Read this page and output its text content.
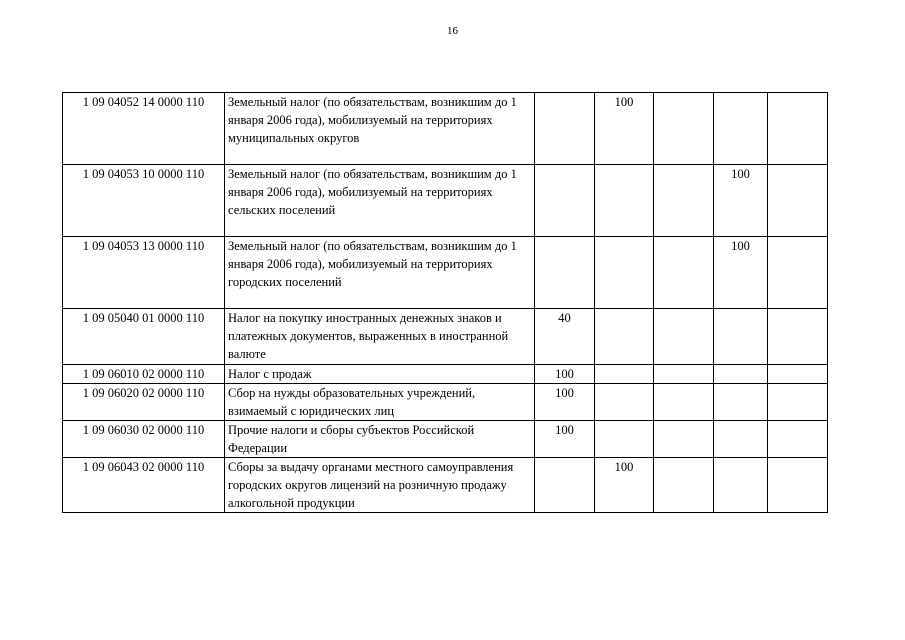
16
1 09 04052 14 0000 110	Земельный налог (по обязательствам, возникшим до 1 января 2006 года), мобилизуемый на территориях муниципальных округов		100			
1 09 04053 10 0000 110	Земельный налог (по обязательствам, возникшим до 1 января 2006 года), мобилизуемый на территориях сельских поселений				100	
1 09 04053 13 0000 110	Земельный налог (по обязательствам, возникшим до 1 января 2006 года), мобилизуемый на территориях городских поселений				100	
1 09 05040 01 0000 110	Налог на покупку иностранных денежных знаков и платежных документов, выраженных в иностранной валюте	40				
1 09 06010 02 0000 110	Налог с продаж	100				
1 09 06020 02 0000 110	Сбор на нужды образовательных учреждений, взимаемый с юридических лиц	100				
1 09 06030 02 0000 110	Прочие налоги и сборы субъектов Российской Федерации	100				
1 09 06043 02 0000 110	Сборы за выдачу органами местного самоуправления городских округов лицензий на розничную продажу алкогольной продукции		100			
